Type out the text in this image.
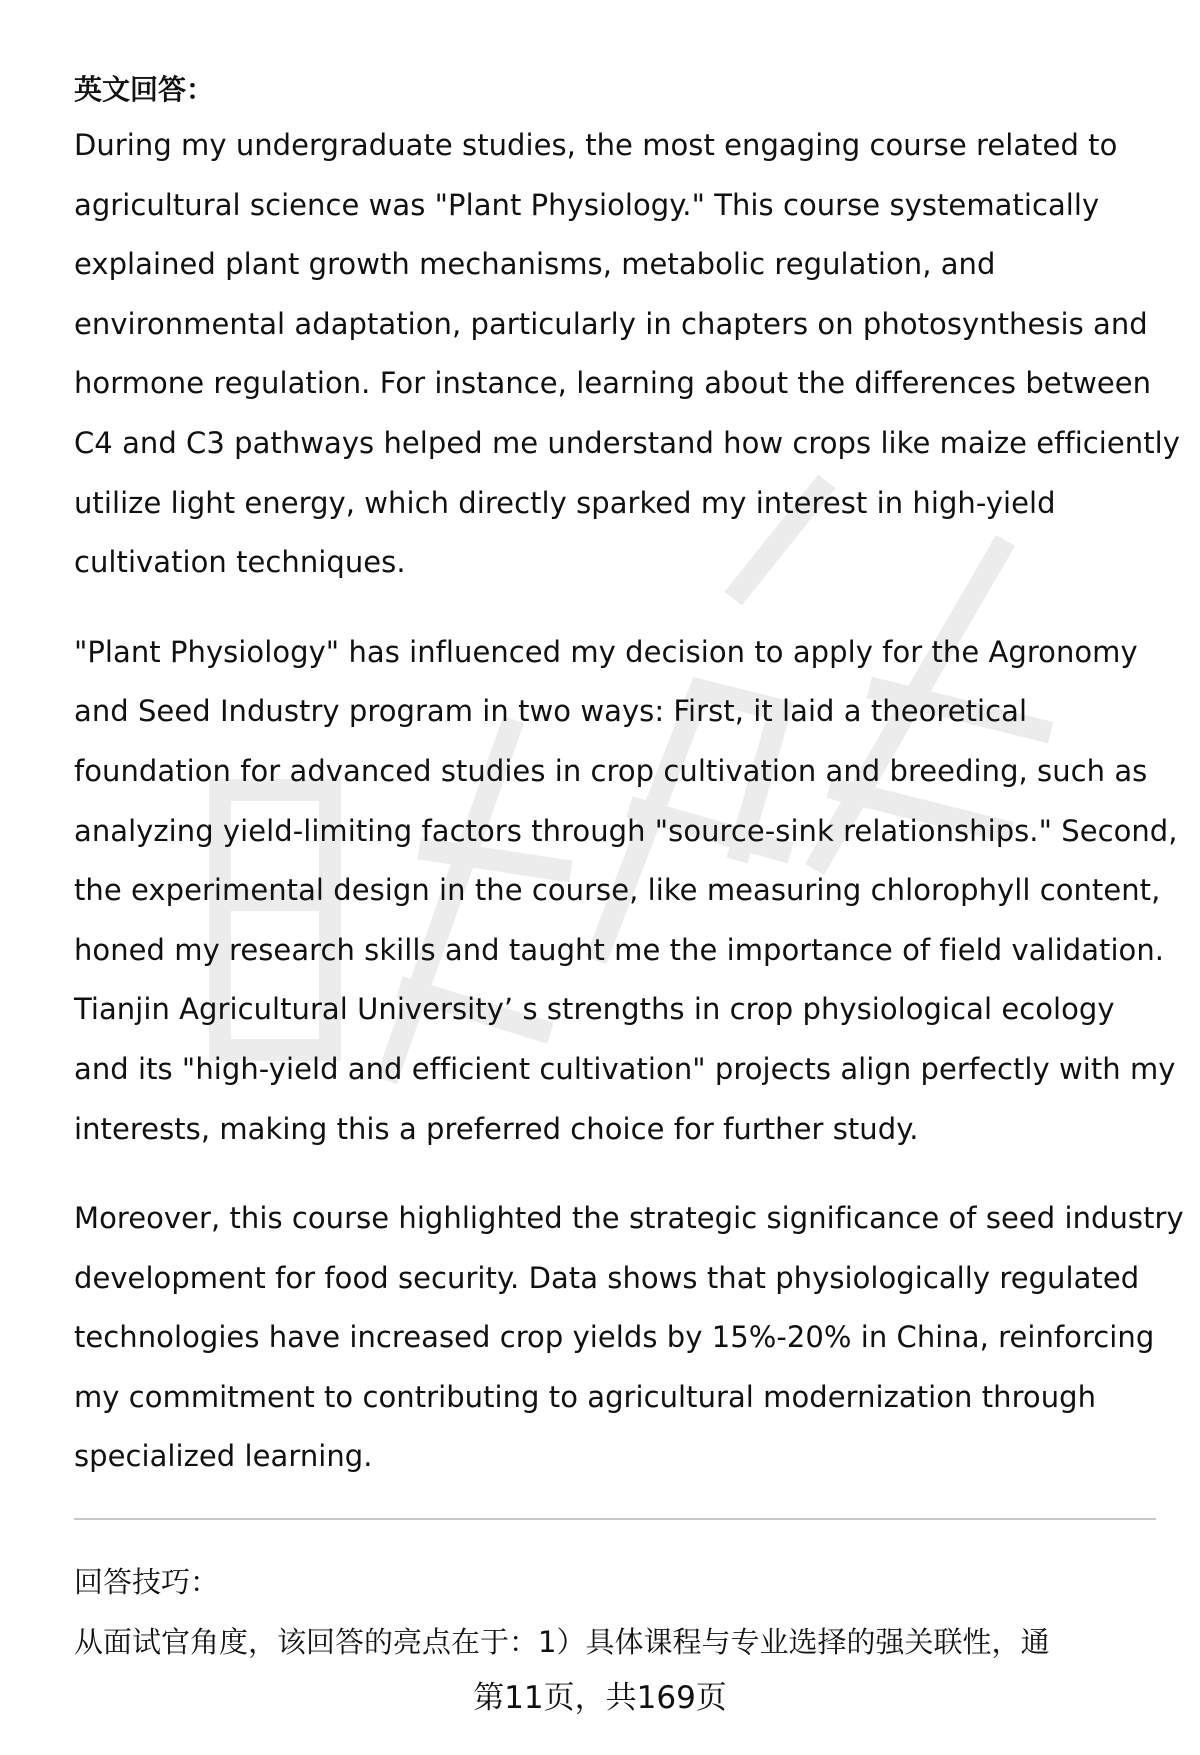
英文回答：

During my undergraduate studies, the most engaging course related to
agricultural science was "Plant Physiology." This course systematically
explained plant growth mechanisms, metabolic regulation, and
environmental adaptation, particularly in chapters on photosynthesis and
hormone regulation. For instance, learning about the differences between
C4 and C3 pathways helped me understand how crops like maize efficiently
utilize light energy, which directly sparked my interest in high-yield
cultivation techniques.

"Plant Physiology" has influenced my decision to apply for the Agronomy
and Seed Industry program in two ways: First, it laid a theoretical
foundation for advanced studies in crop cultivation and breeding, such as
analyzing yield-limiting factors through "source-sink relationships." Second,
the experimental design in the course, like measuring chlorophyll content,
honed my research skills and taught me the importance of field validation.
Tianjin Agricultural University’ s strengths in crop physiological ecology
and its "high-yield and efficient cultivation" projects align perfectly with my
interests, making this a preferred choice for further study.

Moreover, this course highlighted the strategic significance of seed industry
development for food security. Data shows that physiologically regulated
technologies have increased crop yields by 15%-20% in China, reinforcing
my commitment to contributing to agricultural modernization through
specialized learning.

回答技巧：
从面试官角度，该回答的亮点在于：1）具体课程与专业选择的强关联性，通
第11页，共169页
